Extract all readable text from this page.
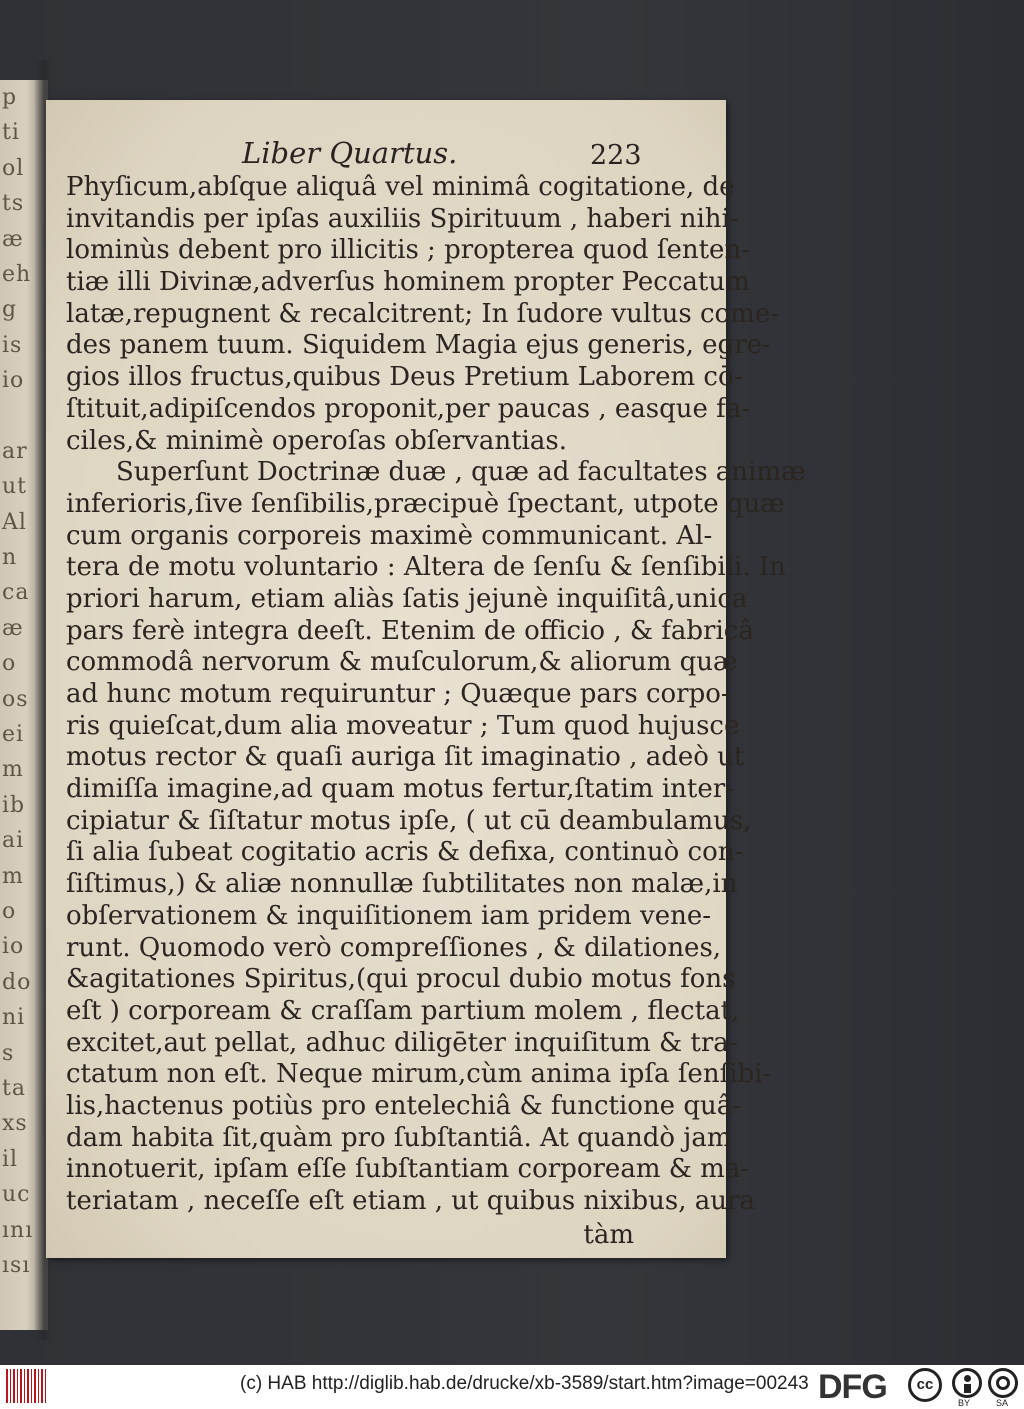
p
ti
ol
ts
æ
eh
g
is
io
ar
ut
Al
n
ca
æ
o
os
ei
m
ib
ai
m
o
io
do
ni
s
ta
xs
il
uc
ını
ısı
Liber Quartus.	223
Phyſicum,abſque aliquâ vel minimâ cogitatione, de
invitandis per ipſas auxiliis Spirituum , haberi nihi-
lominùs debent pro illicitis ; propterea quod ſenten-
tiæ illi Divinæ,adverſus hominem propter Peccatum
latæ,repugnent & recalcitrent; In ſudore vultus come-
des panem tuum. Siquidem Magia ejus generis, egre-
gios illos fructus,quibus Deus Pretium Laborem cō-
ſtituit,adipiſcendos proponit,per paucas , easque fa-
ciles,& minimè operoſas obſervantias.
Superſunt Doctrinæ duæ , quæ ad facultates animæ
inferioris,ſive ſenſibilis,præcipuè ſpectant, utpote quæ
cum organis corporeis maximè communicant. Al-
tera de motu voluntario : Altera de ſenſu & ſenſibili. In
priori harum, etiam aliàs ſatis jejunè inquiſitâ,unica
pars ferè integra deeſt. Etenim de officio , & fabricâ
commodâ nervorum & muſculorum,& aliorum quæ
ad hunc motum requiruntur ; Quæque pars corpo-
ris quieſcat,dum alia moveatur ; Tum quod hujusce
motus rector & quaſi auriga ſit imaginatio , adeò ut
dimiſſa imagine,ad quam motus fertur,ſtatim inter-
cipiatur & ſiſtatur motus ipſe, ( ut cū deambulamus,
ſi alia ſubeat cogitatio acris & defixa, continuò con-
ſiſtimus,) & aliæ nonnullæ ſubtilitates non malæ,in
obſervationem & inquiſitionem iam pridem vene-
runt. Quomodo verò compreſſiones , & dilationes,
&agitationes Spiritus,(qui procul dubio motus fons
eſt ) corpoream & craſſam partium molem , flectat,
excitet,aut pellat, adhuc diligēter inquiſitum & tra-
ctatum non eſt. Neque mirum,cùm anima ipſa ſenſibi-
lis,hactenus potiùs pro entelechiâ & functione quâ-
dam habita ſit,quàm pro ſubſtantiâ. At quandò jam
innotuerit, ipſam eſſe ſubſtantiam corpoream & ma-
teriatam , neceſſe eſt etiam , ut quibus nixibus, aura
tàm
(c) HAB http://diglib.hab.de/drucke/xb-3589/start.htm?image=00243 DFG	cc
BY	SA
